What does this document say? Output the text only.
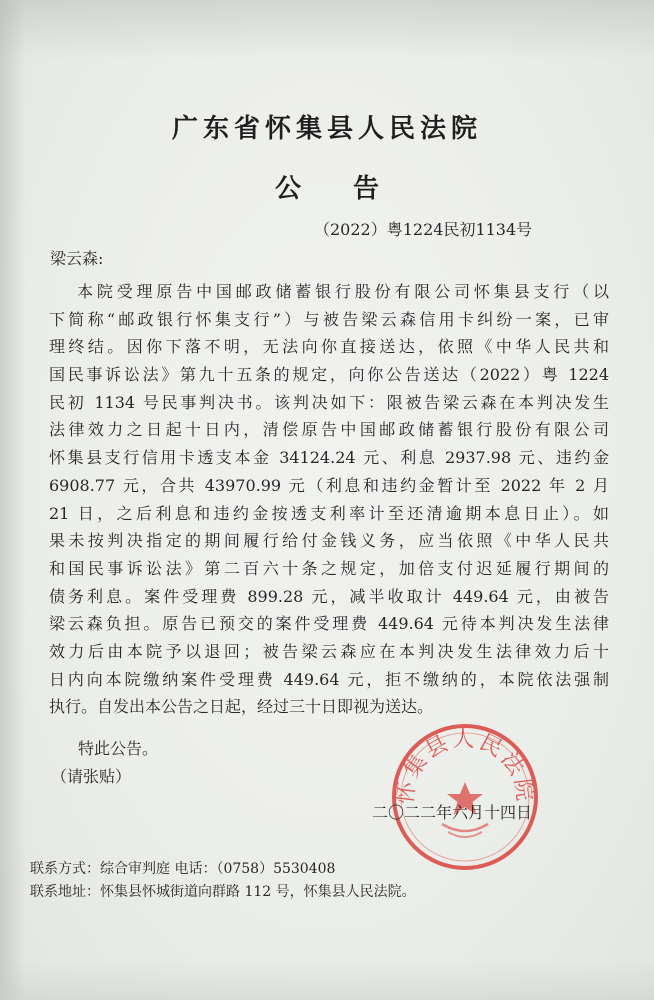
广东省怀集县人民法院
公 告
（2022）粤1224民初1134号
梁云森:
本院受理原告中国邮政储蓄银行股份有限公司怀集县支行（以
下简称“邮政银行怀集支行”）与被告梁云森信用卡纠纷一案，已审
理终结。因你下落不明，无法向你直接送达，依照《中华人民共和
国民事诉讼法》第九十五条的规定，向你公告送达（2022）粤 1224
民初 1134 号民事判决书。该判决如下：限被告梁云森在本判决发生
法律效力之日起十日内，清偿原告中国邮政储蓄银行股份有限公司
怀集县支行信用卡透支本金 34124.24 元、利息 2937.98 元、违约金
6908.77 元，合共 43970.99 元（利息和违约金暂计至 2022 年 2 月
21 日，之后利息和违约金按透支利率计至还清逾期本息日止）。如
果未按判决指定的期间履行给付金钱义务，应当依照《中华人民共
和国民事诉讼法》第二百六十条之规定，加倍支付迟延履行期间的
债务利息。案件受理费 899.28 元，减半收取计 449.64 元，由被告
梁云森负担。原告已预交的案件受理费 449.64 元待本判决发生法律
效力后由本院予以退回；被告梁云森应在本判决发生法律效力后十
日内向本院缴纳案件受理费 449.64 元，拒不缴纳的，本院依法强制
执行。自发出本公告之日起，经过三十日即视为送达。
特此公告。
（请张贴）
怀集县人民法院
二〇二二年六月十四日
联系方式：综合审判庭 电话：（0758）5530408
联系地址：怀集县怀城街道向群路 112 号，怀集县人民法院。
